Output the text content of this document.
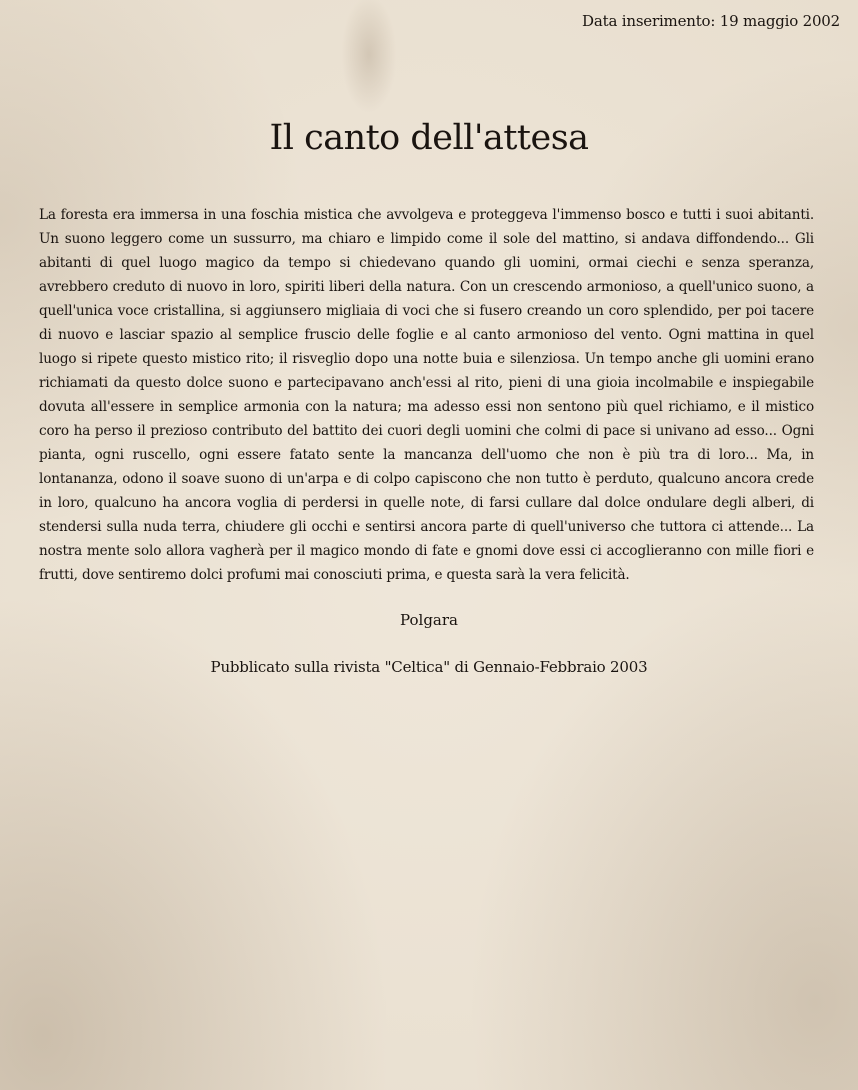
Data inserimento: 19 maggio 2002
Il canto dell'attesa

La foresta era immersa in una foschia mistica che avvolgeva e proteggeva l'immenso bosco e tutti i suoi abitanti. Un suono leggero come un sussurro, ma chiaro e limpido come il sole del mattino, si andava diffondendo... Gli abitanti di quel luogo magico da tempo si chiedevano quando gli uomini, ormai ciechi e senza speranza, avrebbero creduto di nuovo in loro, spiriti liberi della natura. Con un crescendo armonioso, a quell'unico suono, a quell'unica voce cristallina, si aggiunsero migliaia di voci che si fusero creando un coro splendido, per poi tacere di nuovo e lasciar spazio al semplice fruscio delle foglie e al canto armonioso del vento. Ogni mattina in quel luogo si ripete questo mistico rito; il risveglio dopo una notte buia e silenziosa. Un tempo anche gli uomini erano richiamati da questo dolce suono e partecipavano anch'essi al rito, pieni di una gioia incolmabile e inspiegabile dovuta all'essere in semplice armonia con la natura; ma adesso essi non sentono più quel richiamo, e il mistico coro ha perso il prezioso contributo del battito dei cuori degli uomini che colmi di pace si univano ad esso... Ogni pianta, ogni ruscello, ogni essere fatato sente la mancanza dell'uomo che non è più tra di loro... Ma, in lontananza, odono il soave suono di un'arpa e di colpo capiscono che non tutto è perduto, qualcuno ancora crede in loro, qualcuno ha ancora voglia di perdersi in quelle note, di farsi cullare dal dolce ondulare degli alberi, di stendersi sulla nuda terra, chiudere gli occhi e sentirsi ancora parte di quell'universo che tuttora ci attende... La nostra mente solo allora vagherà per il magico mondo di fate e gnomi dove essi ci accoglieranno con mille fiori e frutti, dove sentiremo dolci profumi mai conosciuti prima, e questa sarà la vera felicità.

Polgara
Pubblicato sulla rivista "Celtica" di Gennaio-Febbraio 2003
